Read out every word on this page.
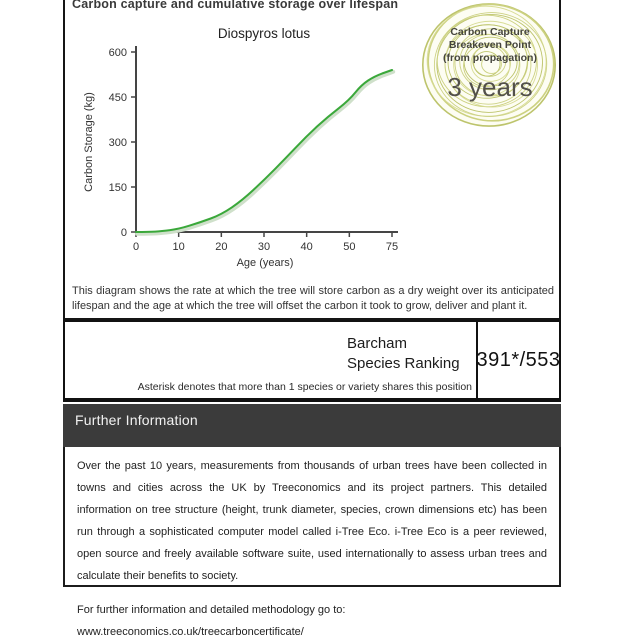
Carbon capture and cumulative storage over lifespan
This diagram shows the rate at which the tree will store carbon as a dry weight over its anticipated lifespan and the age at which the tree will offset the carbon it took to grow, deliver and plant it.
Diospyros lotus
Age (years)
Carbon Storage (kg)
0
150
300
450
600
0	10	20	30	40	50	75
Carbon Capture
Breakeven Point
(from propagation)
3 years
Barcham
Species Ranking
Asterisk denotes that more than 1 species or variety shares this position
391*/553
Further Information
Over the past 10 years, measurements from thousands of urban trees have been collected in towns and cities across the UK by Treeconomics and its project partners. This detailed information on tree structure (height, trunk diameter, species, crown dimensions etc) has been run through a sophisticated computer model called i-Tree Eco. i-Tree Eco is a peer reviewed, open source and freely available software suite, used internationally to assess urban trees and calculate their benefits to society.
For further information and detailed methodology go to: www.treeconomics.co.uk/treecarboncertificate/
